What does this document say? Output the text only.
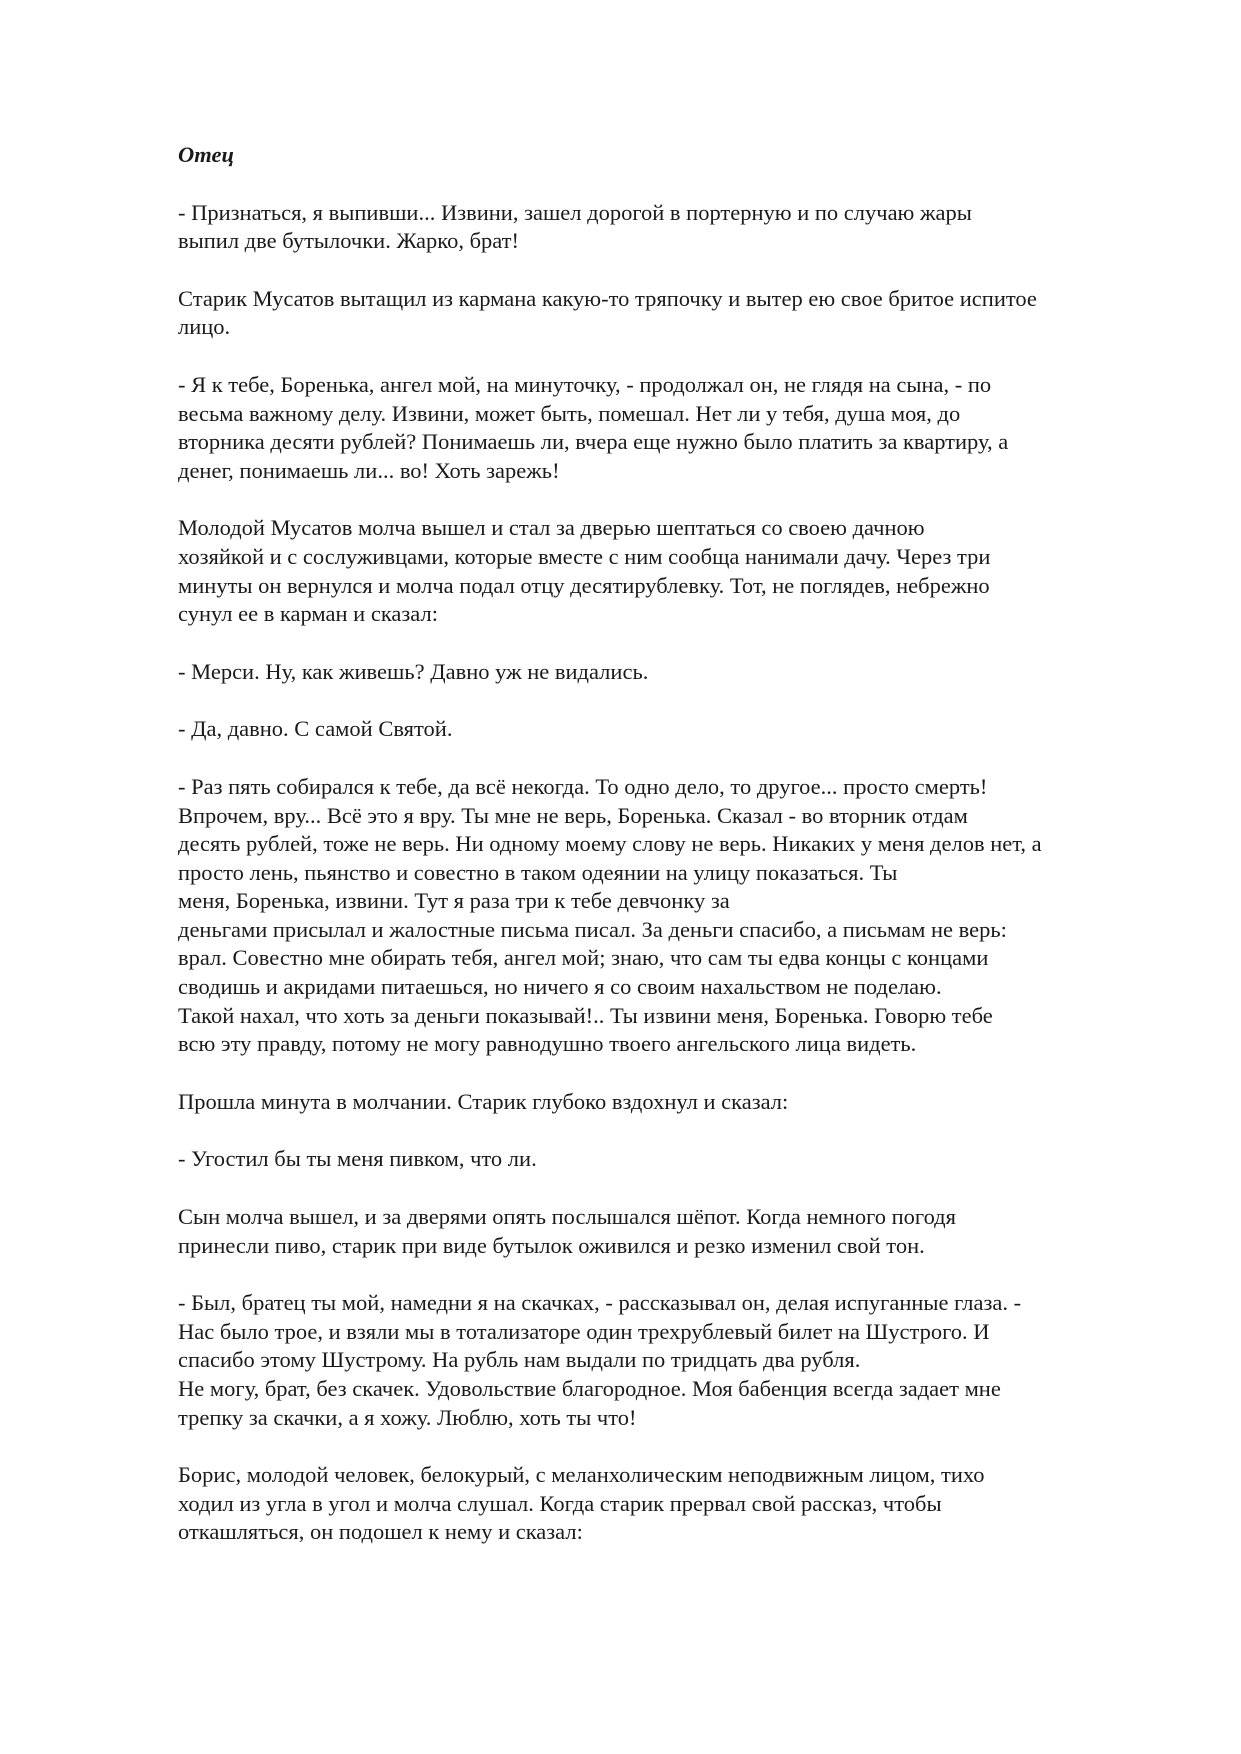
Отец
- Признаться, я выпивши... Извини, зашел дорогой в портерную и по случаю жары
выпил две бутылочки. Жарко, брат!
Старик Мусатов вытащил из кармана какую-то тряпочку и вытер ею свое бритое испитое
лицо.
- Я к тебе, Боренька, ангел мой, на минуточку, - продолжал он, не глядя на сына, - по
весьма важному делу. Извини, может быть, помешал. Нет ли у тебя, душа моя, до
вторника десяти рублей? Понимаешь ли, вчера еще нужно было платить за квартиру, а
денег, понимаешь ли... во! Хоть зарежь!
Молодой Мусатов молча вышел и стал за дверью шептаться со своею дачною
хозяйкой и с сослуживцами, которые вместе с ним сообща нанимали дачу. Через три
минуты он вернулся и молча подал отцу десятирублевку. Тот, не поглядев, небрежно
сунул ее в карман и сказал:
- Мерси. Ну, как живешь? Давно уж не видались.
- Да, давно. С самой Святой.
- Раз пять собирался к тебе, да всё некогда. То одно дело, то другое... просто смерть!
Впрочем, вру... Всё это я вру. Ты мне не верь, Боренька. Сказал - во вторник отдам
десять рублей, тоже не верь. Ни одному моему слову не верь. Никаких у меня делов нет, а
просто лень, пьянство и совестно в таком одеянии на улицу показаться. Ты
меня, Боренька, извини. Тут я раза три к тебе девчонку за
деньгами присылал и жалостные письма писал. За деньги спасибо, а письмам не верь:
врал. Совестно мне обирать тебя, ангел мой; знаю, что сам ты едва концы с концами
сводишь и акридами питаешься, но ничего я со своим нахальством не поделаю.
Такой нахал, что хоть за деньги показывай!.. Ты извини меня, Боренька. Говорю тебе
всю эту правду, потому не могу равнодушно твоего ангельского лица видеть.
Прошла минута в молчании. Старик глубоко вздохнул и сказал:
- Угостил бы ты меня пивком, что ли.
Сын молча вышел, и за дверями опять послышался шёпот. Когда немного погодя
принесли пиво, старик при виде бутылок оживился и резко изменил свой тон.
- Был, братец ты мой, намедни я на скачках, - рассказывал он, делая испуганные глаза. -
Нас было трое, и взяли мы в тотализаторе один трехрублевый билет на Шустрого. И
спасибо этому Шустрому. На рубль нам выдали по тридцать два рубля.
Не могу, брат, без скачек. Удовольствие благородное. Моя бабенция всегда задает мне
трепку за скачки, а я хожу. Люблю, хоть ты что!
Борис, молодой человек, белокурый, с меланхолическим неподвижным лицом, тихо
ходил из угла в угол и молча слушал. Когда старик прервал свой рассказ, чтобы
откашляться, он подошел к нему и сказал:
